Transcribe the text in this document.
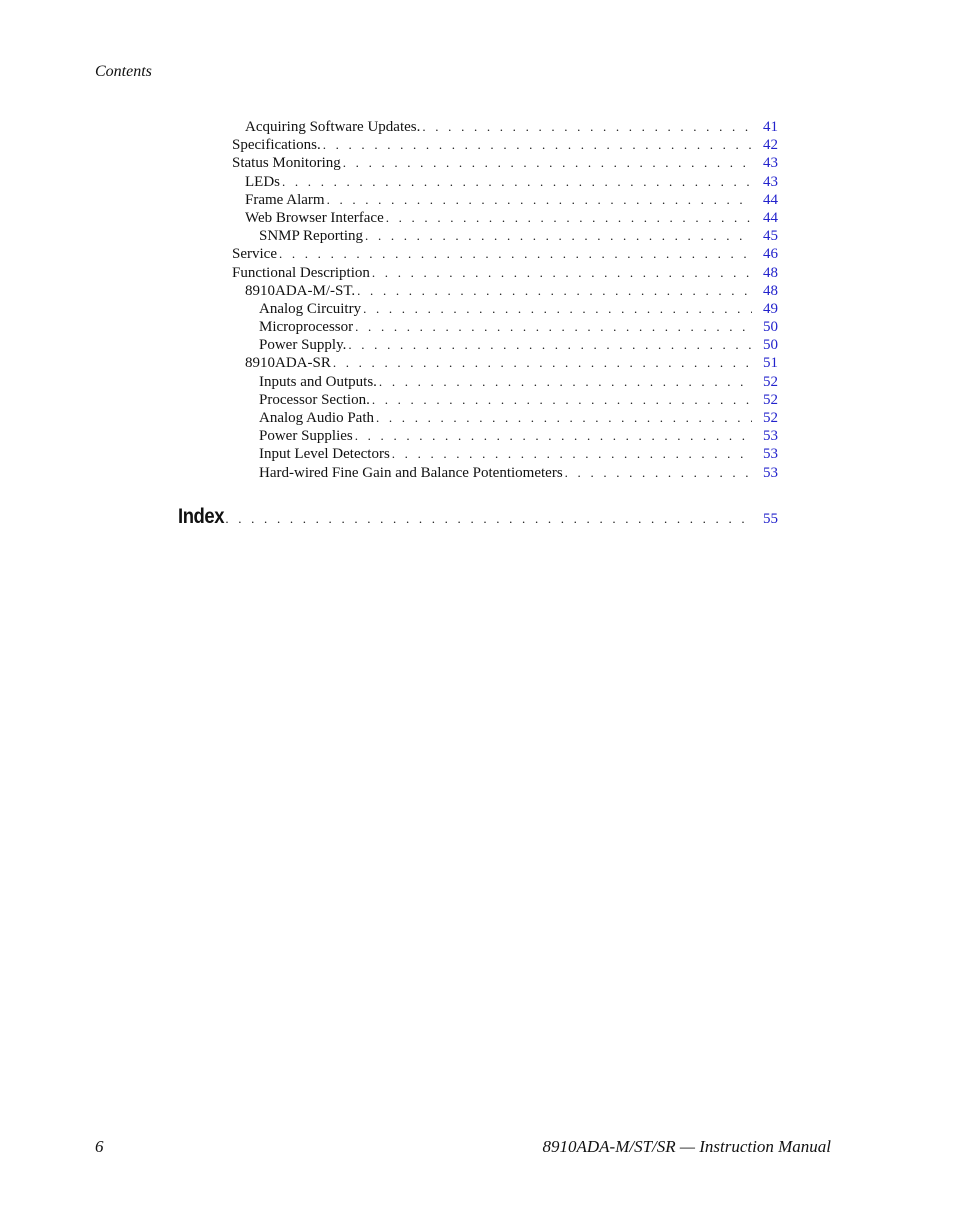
Contents
Acquiring Software Updates. . . .	41
Specifications. . . .	42
Status Monitoring . . .	43
LEDs . . .	43
Frame Alarm . . .	44
Web Browser Interface . . .	44
SNMP Reporting . . .	45
Service . . .	46
Functional Description . . .	48
8910ADA-M/-ST. . . .	48
Analog Circuitry . . .	49
Microprocessor . . .	50
Power Supply. . . .	50
8910ADA-SR . . .	51
Inputs and Outputs. . . .	52
Processor Section. . . .	52
Analog Audio Path . . .	52
Power Supplies . . .	53
Input Level Detectors . . .	53
Hard-wired Fine Gain and Balance Potentiometers . . .	53
Index . . .	55
6	8910ADA-M/ST/SR — Instruction Manual
